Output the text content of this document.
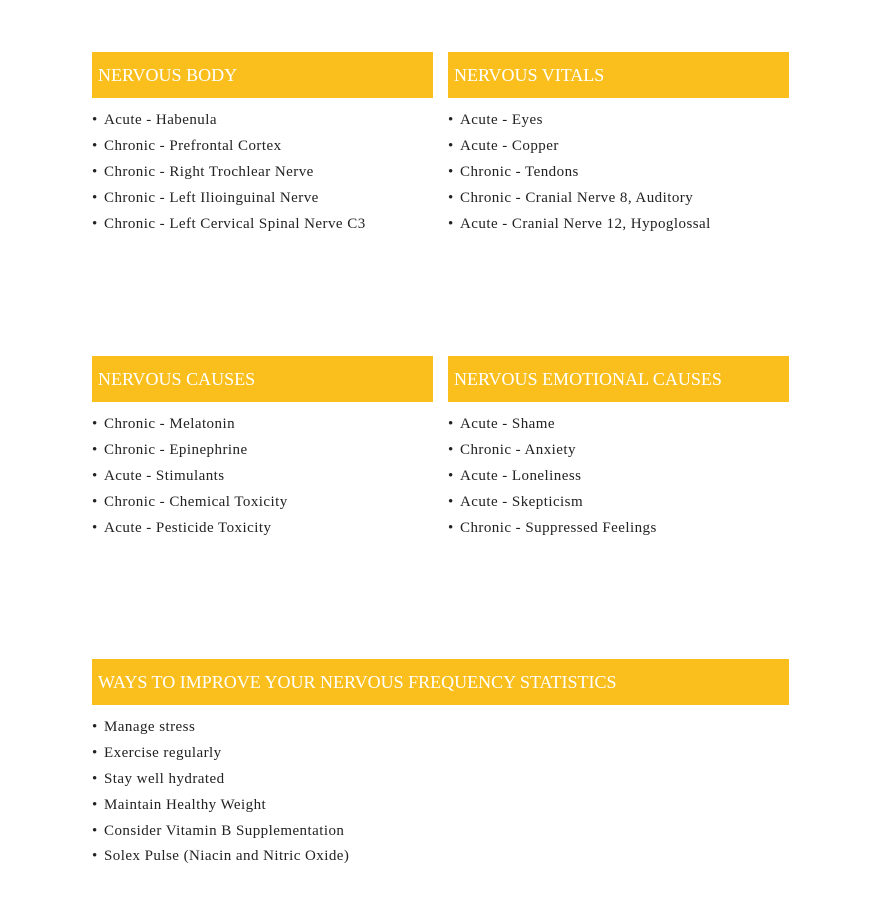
NERVOUS BODY
• Acute - Habenula
• Chronic - Prefrontal Cortex
• Chronic - Right Trochlear Nerve
• Chronic - Left Ilioinguinal Nerve
• Chronic - Left Cervical Spinal Nerve C3
NERVOUS VITALS
• Acute - Eyes
• Acute - Copper
• Chronic - Tendons
• Chronic - Cranial Nerve 8, Auditory
• Acute - Cranial Nerve 12, Hypoglossal
NERVOUS CAUSES
• Chronic - Melatonin
• Chronic - Epinephrine
• Acute - Stimulants
• Chronic - Chemical Toxicity
• Acute - Pesticide Toxicity
NERVOUS EMOTIONAL CAUSES
• Acute - Shame
• Chronic - Anxiety
• Acute - Loneliness
• Acute - Skepticism
• Chronic - Suppressed Feelings
WAYS TO IMPROVE YOUR NERVOUS FREQUENCY STATISTICS
• Manage stress
• Exercise regularly
• Stay well hydrated
• Maintain Healthy Weight
• Consider Vitamin B Supplementation
• Solex Pulse (Niacin and Nitric Oxide)
